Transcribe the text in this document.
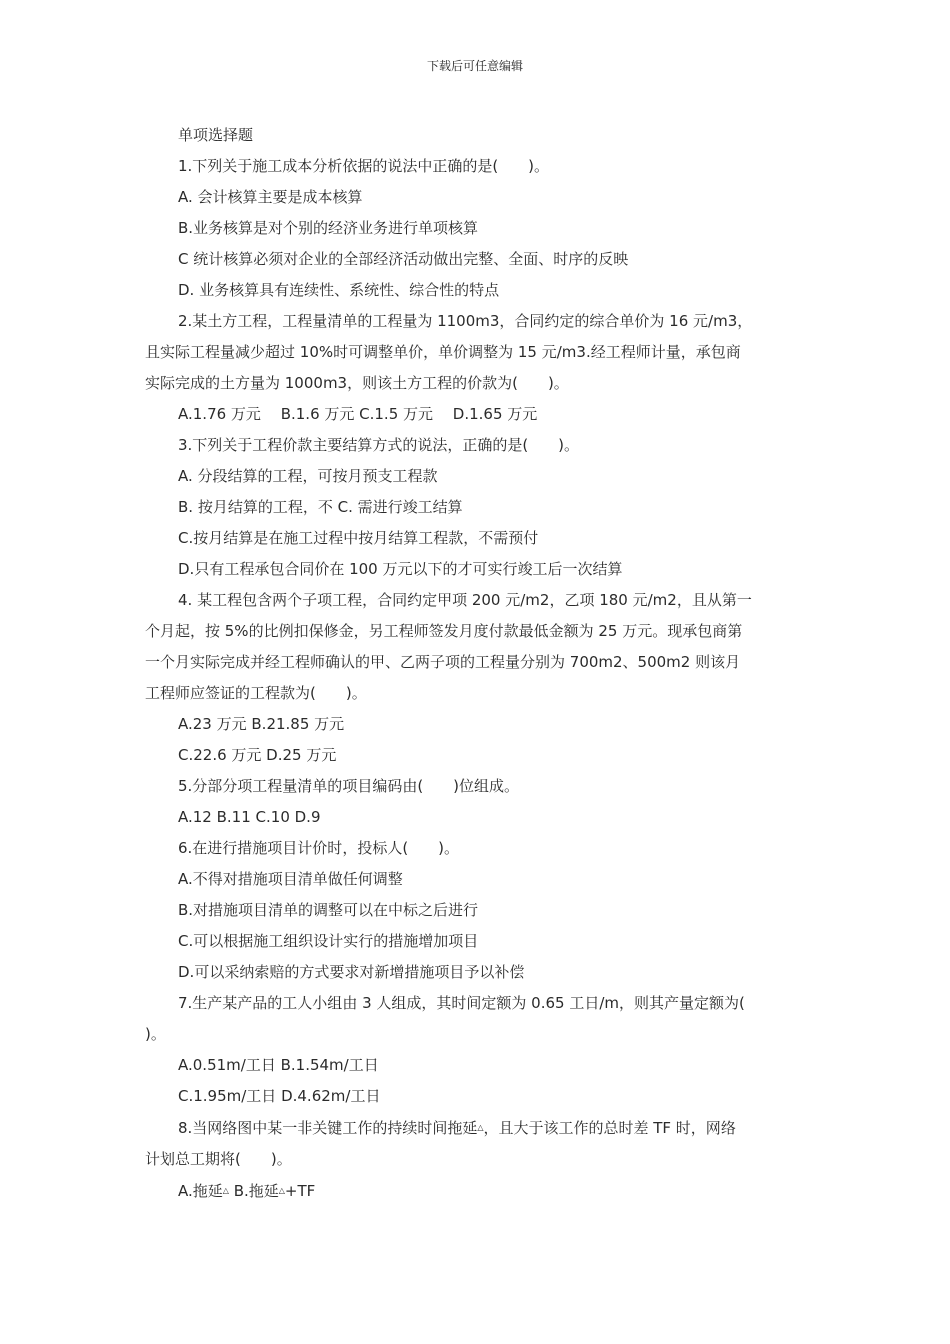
下载后可任意编辑

单项选择题

1.下列关于施工成本分析依据的说法中正确的是(　　)。

A. 会计核算主要是成本核算

B.业务核算是对个别的经济业务进行单项核算

C 统计核算必须对企业的全部经济活动做出完整、全面、时序的反映

D. 业务核算具有连续性、系统性、综合性的特点

2.某土方工程，工程量清单的工程量为 1100m3，合同约定的综合单价为 16 元/m3，

且实际工程量减少超过 10%时可调整单价，单价调整为 15 元/m3.经工程师计量，承包商

实际完成的土方量为 1000m3，则该土方工程的价款为(　　)。

A.1.76 万元　 B.1.6 万元 C.1.5 万元　 D.1.65 万元

3.下列关于工程价款主要结算方式的说法，正确的是(　　)。

A. 分段结算的工程，可按月预支工程款

B. 按月结算的工程，不 C. 需进行竣工结算

C.按月结算是在施工过程中按月结算工程款，不需预付

D.只有工程承包合同价在 100 万元以下的才可实行竣工后一次结算

4. 某工程包含两个子项工程，合同约定甲项 200 元/m2，乙项 180 元/m2，且从第一

个月起，按 5%的比例扣保修金，另工程师签发月度付款最低金额为 25 万元。现承包商第

一个月实际完成并经工程师确认的甲、乙两子项的工程量分别为 700m2、500m2 则该月

工程师应签证的工程款为(　　)。

A.23 万元 B.21.85 万元

C.22.6 万元 D.25 万元

5.分部分项工程量清单的项目编码由(　　)位组成。

A.12 B.11 C.10 D.9

6.在进行措施项目计价时，投标人(　　)。

A.不得对措施项目清单做任何调整

B.对措施项目清单的调整可以在中标之后进行

C.可以根据施工组织设计实行的措施增加项目

D.可以采纳索赔的方式要求对新增措施项目予以补偿

7.生产某产品的工人小组由 3 人组成，其时间定额为 0.65 工日/m，则其产量定额为(

)。

A.0.51m/工日 B.1.54m/工日

C.1.95m/工日 D.4.62m/工日

8.当网络图中某一非关键工作的持续时间拖延△，且大于该工作的总时差 TF 时，网络

计划总工期将(　　)。

A.拖延△ B.拖延△+TF
